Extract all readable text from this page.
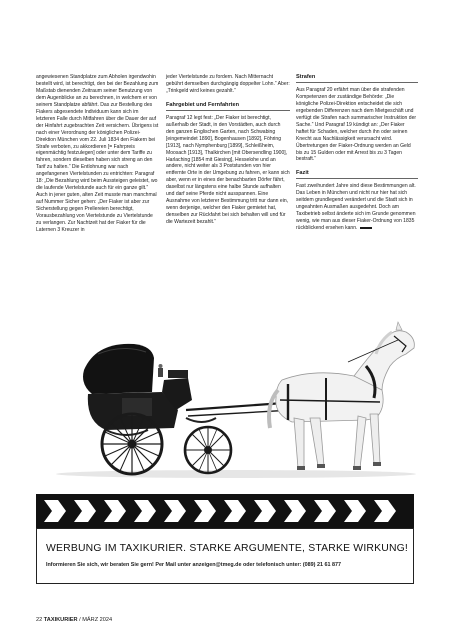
angewiesenen Standplatze zum Abholen irgendwohin bestellt wird, ist berechtigt, den bei der Bezahlung zum Maßstab dienenden Zeitraum seiner Benutzung von dem Augenblicke an zu berechnen, in welchem er von seinem Standplatze abfährt. Das zur Bestellung des Fiakers abgesendete Individuum kann sich im letzteren Falle durch Mitfahren über die Dauer der auf der Hinfahrt zugebrachten Zeit versichern. Übrigens ist nach einer Verordnung der königlichen Polizei-Direktion München vom 22. Juli 1834 den Fiakern bei Strafe verboten, zu akkordieren [= Fahrpreis eigenmächtig festzulegen] oder unter dem Tariffe zu fahren, sondern dieselben haben sich streng an den Tarif zu halten.“ Die Entlohnung war nach angefangenen Viertelstunden zu entrichten: Paragraf 18: „Die Bezahlung wird beim Aussteigen geleistet, wo die laufende Viertelstunde auch für ein ganze gilt.“ Auch in jener guten, alten Zeit musste man manchmal auf Nummer Sicher gehen: „Der Fiaker ist aber zur Sicherstellung gegen Prellereien berechtigt, Vorausbezahlung von Viertelstunde zu Viertelstunde zu verlangen. Zur Nachtzeit hat der Fiaker für die Laternen 3 Kreuzer in

jeder Viertelstunde zu fordern. Nach Mitternacht gebührt demselben durchgängig doppelter Lohn.“ Aber: „Trinkgeld wird keines gezahlt.“

Fahrgebiet und Fernfahrten

Paragraf 12 legt fest: „Der Fiaker ist berechtigt, außerhalb der Stadt, in den Vorstädten, auch durch den ganzen Englischen Garten, nach Schwabing [eingemeindet 1890], Bogenhausen [1892], Föhring [1913], nach Nymphenburg [1899], Schleißheim, Moosach [1913], Thalkirchen [mit Obersendling 1900], Harlaching [1854 mit Giesing], Hesselohe und an andere, nicht weiter als 3 Poststunden von hier entfernte Orte in der Umgebung zu fahren, er kann sich aber, wenn er in eines der benachbarten Dörfer fährt, daselbst nur längstens eine halbe Stunde aufhalten und darf seine Pferde nicht ausspannen. Eine Ausnahme von letzterer Bestimmung tritt nur dann ein, wenn derjenige, welcher den Fiaker gemietet hat, denselben zur Rückfahrt bei sich behalten will und für die Wartezeit bezahlt.“

Strafen

Aus Paragraf 20 erfährt man über die strafenden Kompetenzen der zuständige Behörde: „Die königliche Polizei-Direktion entscheidet die sich ergebenden Differenzen nach dem Mietgeschäft und verfügt die Strafen nach summarischer Instruktion der Sache.“ Und Paragraf 19 kündigt an: „Der Fiaker haftet für Schaden, welcher durch ihn oder seinen Knecht aus Nachlässigkeit verursacht wird. Übertretungen der Fiaker-Ordnung werden an Geld bis zu 15 Gulden oder mit Arrest bis zu 3 Tagen bestraft.“

Fazit

Fast zweihundert Jahre sind diese Bestimmungen alt. Das Leben in München und nicht nur hier hat sich seitdem grundlegend verändert und die Stadt sich in ungeahnten Ausmaßen ausgedehnt. Doch am Taxibetrieb selbst änderte sich im Grunde genommen wenig, wie man aus dieser Fiaker-Ordnung von 1835 rückblickend ersehen kann.

WERBUNG IM TAXIKURIER. STARKE ARGUMENTE, STARKE WIRKUNG!
Informieren Sie sich, wir beraten Sie gern! Per Mail unter anzeigen@tmeg.de oder telefonisch unter: (089) 21 61 877
22 TAXIKURIER / MÄRZ 2024
